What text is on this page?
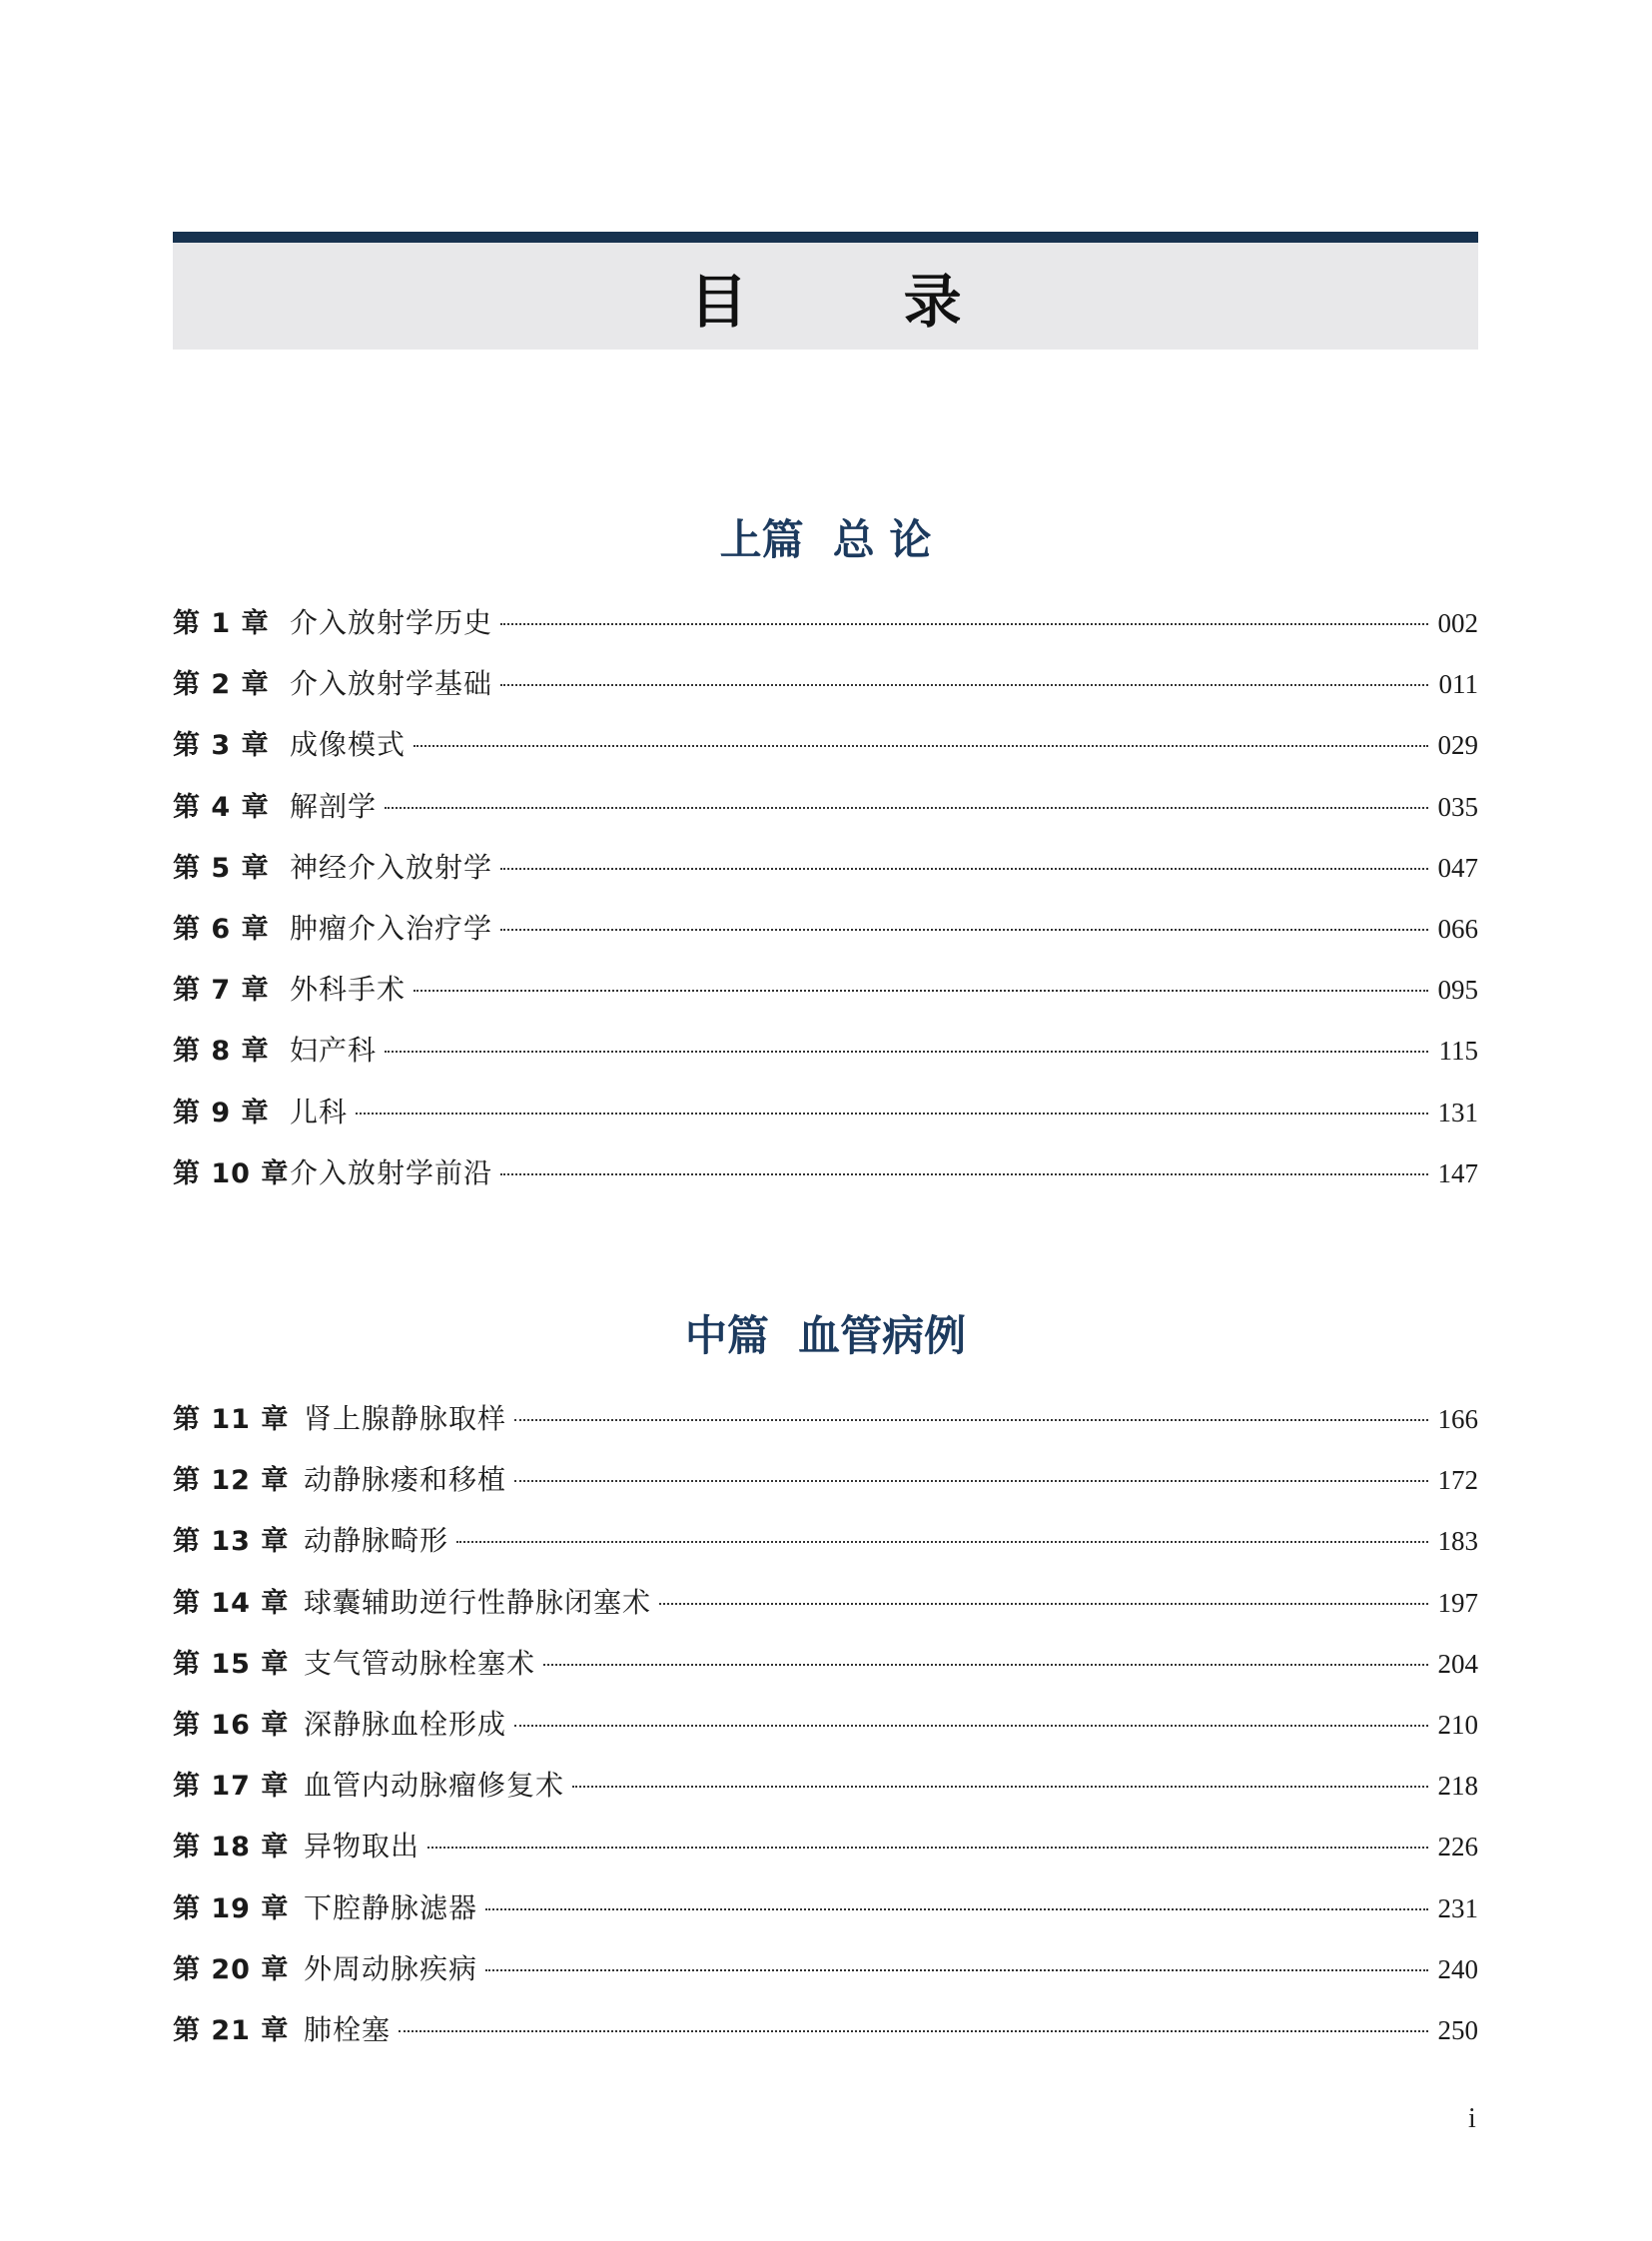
目 录
上篇  总 论
第 1 章 介入放射学历史	002
第 2 章 介入放射学基础	011
第 3 章 成像模式	029
第 4 章 解剖学	035
第 5 章 神经介入放射学	047
第 6 章 肿瘤介入治疗学	066
第 7 章 外科手术	095
第 8 章 妇产科	115
第 9 章 儿科	131
第 10 章 介入放射学前沿	147
中篇  血管病例
第 11 章 肾上腺静脉取样	166
第 12 章 动静脉瘘和移植	172
第 13 章 动静脉畸形	183
第 14 章 球囊辅助逆行性静脉闭塞术	197
第 15 章 支气管动脉栓塞术	204
第 16 章 深静脉血栓形成	210
第 17 章 血管内动脉瘤修复术	218
第 18 章 异物取出	226
第 19 章 下腔静脉滤器	231
第 20 章 外周动脉疾病	240
第 21 章 肺栓塞	250
i
